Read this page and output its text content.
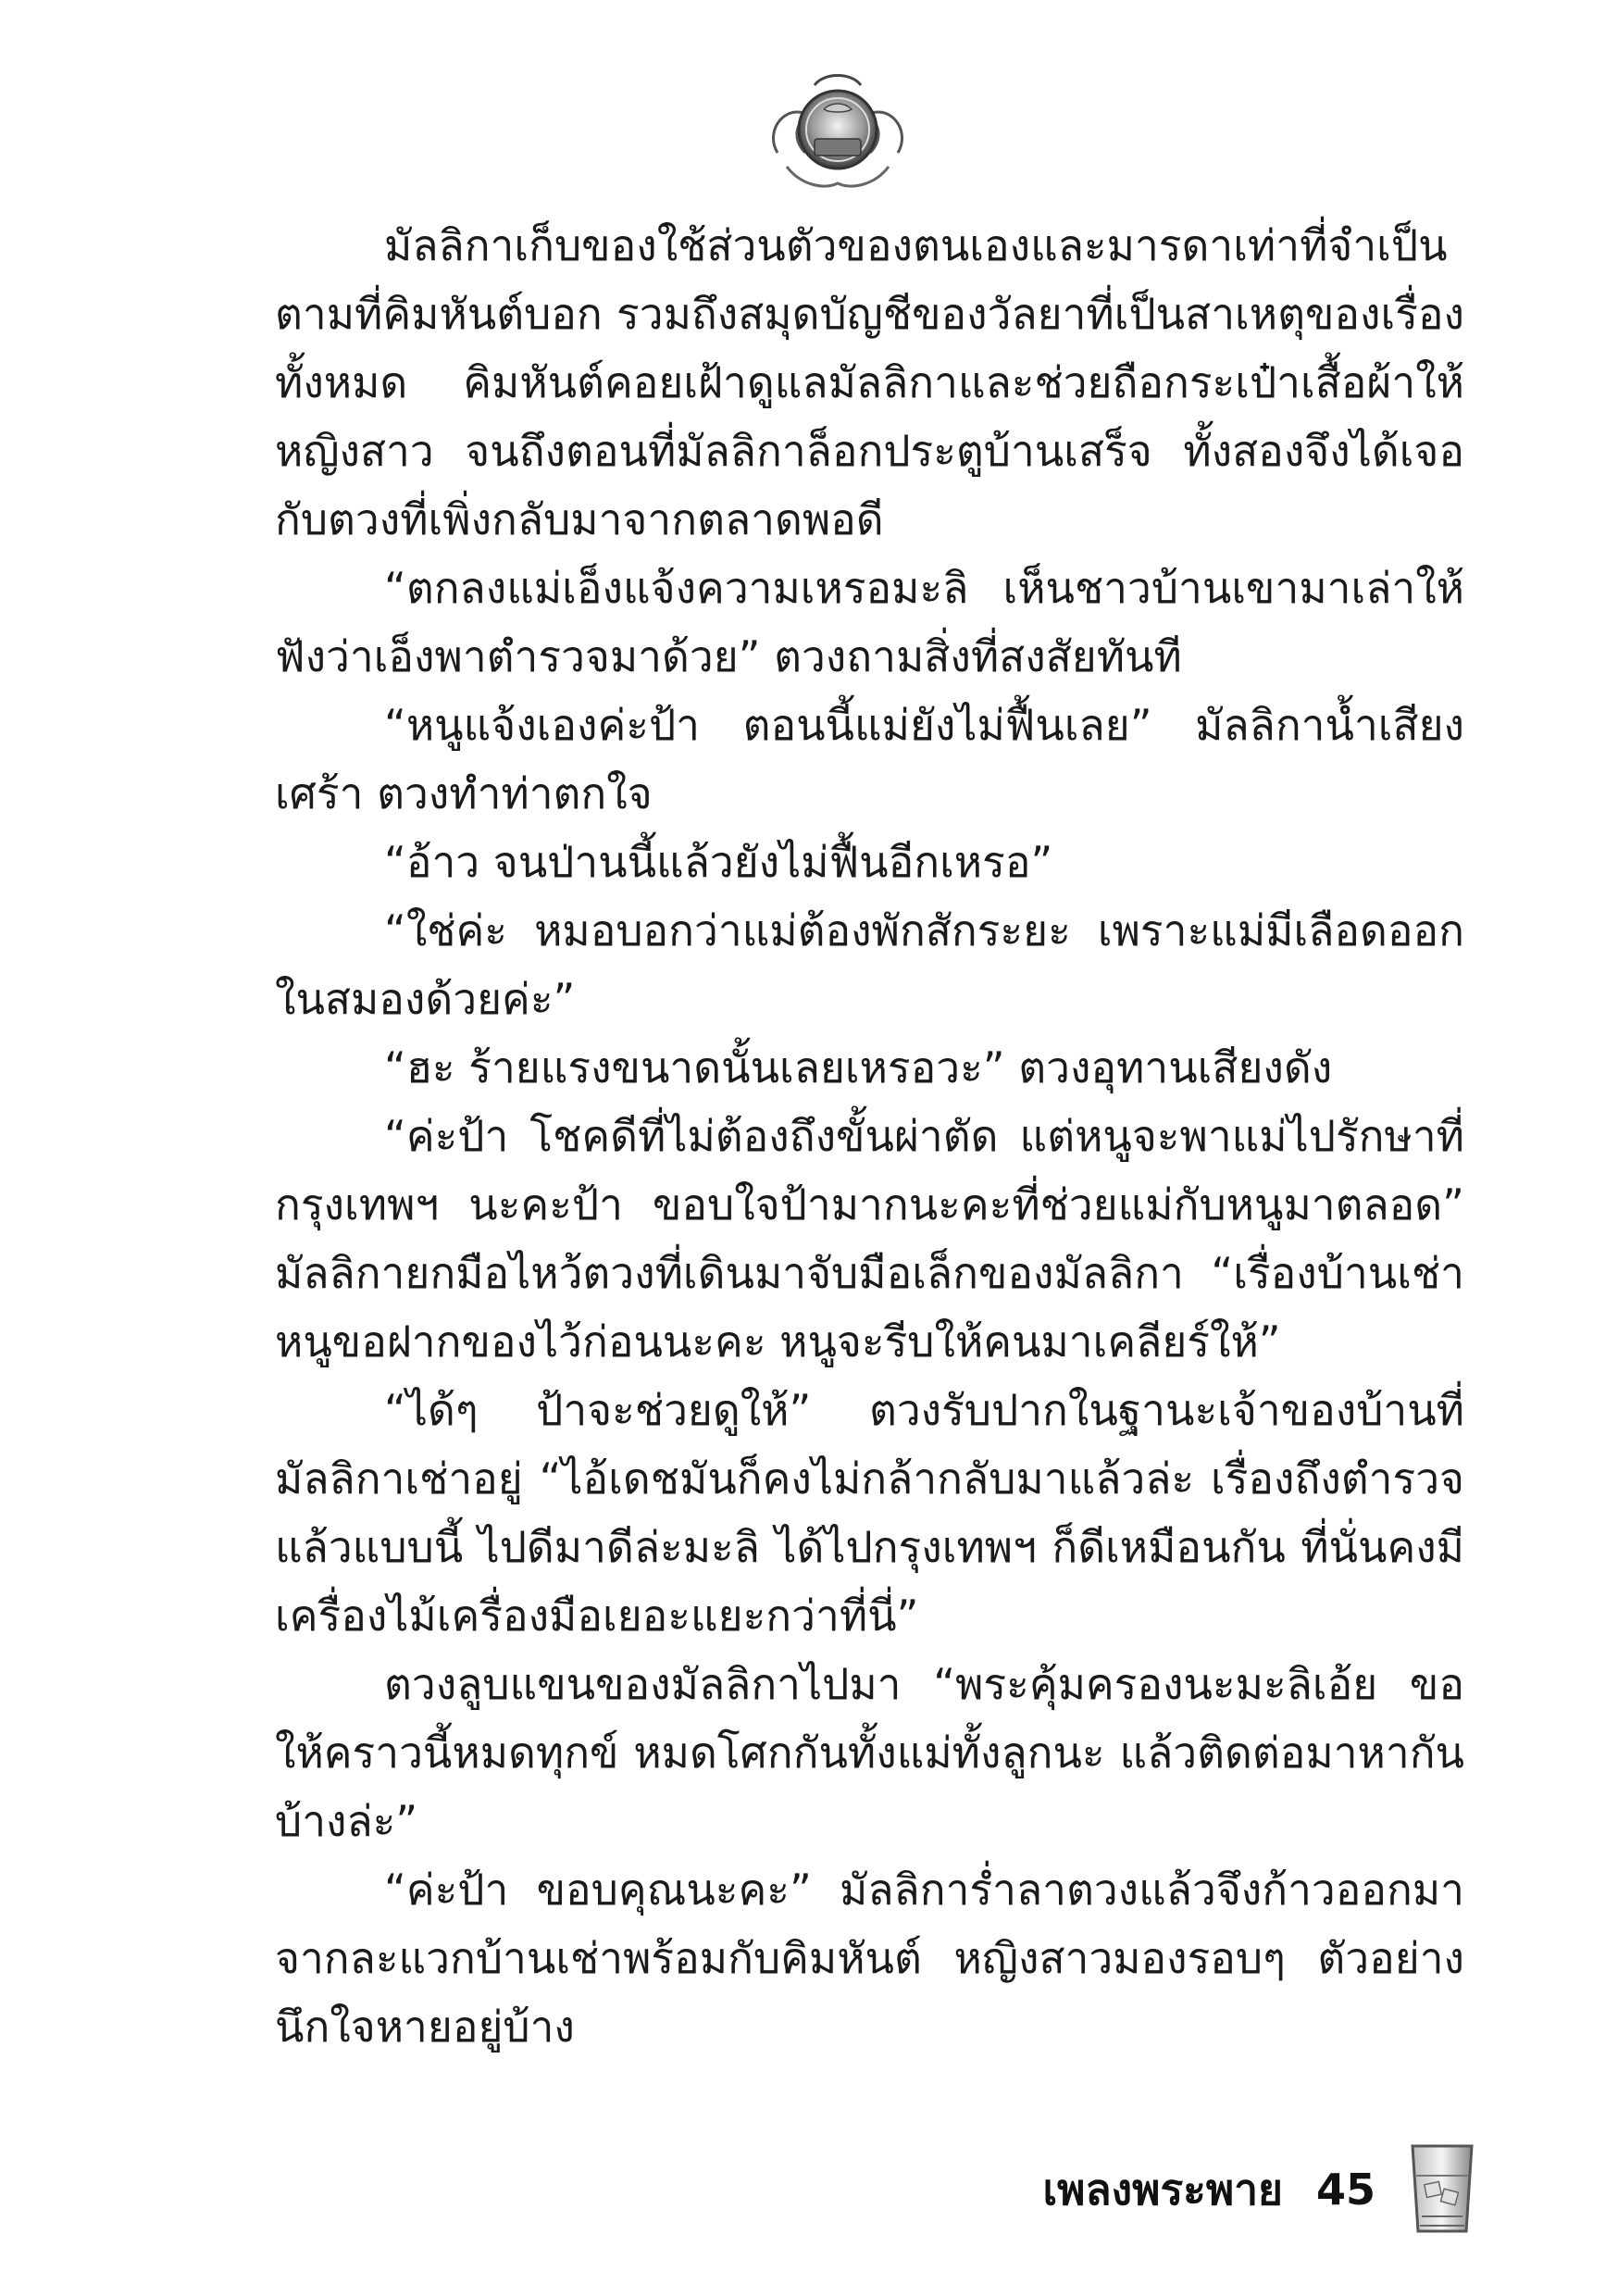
มัลลิกาเก็บของใช้ส่วนตัวของตนเองและมารดาเท่าที่จำเป็นตามที่คิมหันต์บอก รวมถึงสมุดบัญชีของวัลยาที่เป็นสาเหตุของเรื่องทั้งหมด คิมหันต์คอยเฝ้าดูแลมัลลิกาและช่วยถือกระเป๋าเสื้อผ้าให้หญิงสาว จนถึงตอนที่มัลลิกาล็อกประตูบ้านเสร็จ ทั้งสองจึงได้เจอกับตวงที่เพิ่งกลับมาจากตลาดพอดี

“ตกลงแม่เอ็งแจ้งความเหรอมะลิ เห็นชาวบ้านเขามาเล่าให้ฟังว่าเอ็งพาตำรวจมาด้วย” ตวงถามสิ่งที่สงสัยทันที

“หนูแจ้งเองค่ะป้า ตอนนี้แม่ยังไม่ฟื้นเลย” มัลลิกาน้ำเสียงเศร้า ตวงทำท่าตกใจ

“อ้าว จนป่านนี้แล้วยังไม่ฟื้นอีกเหรอ”

“ใช่ค่ะ หมอบอกว่าแม่ต้องพักสักระยะ เพราะแม่มีเลือดออกในสมองด้วยค่ะ”

“ฮะ ร้ายแรงขนาดนั้นเลยเหรอวะ” ตวงอุทานเสียงดัง

“ค่ะป้า โชคดีที่ไม่ต้องถึงขั้นผ่าตัด แต่หนูจะพาแม่ไปรักษาที่กรุงเทพฯ นะคะป้า ขอบใจป้ามากนะคะที่ช่วยแม่กับหนูมาตลอด” มัลลิกายกมือไหว้ตวงที่เดินมาจับมือเล็กของมัลลิกา “เรื่องบ้านเช่าหนูขอฝากของไว้ก่อนนะคะ หนูจะรีบให้คนมาเคลียร์ให้”

“ได้ๆ ป้าจะช่วยดูให้” ตวงรับปากในฐานะเจ้าของบ้านที่มัลลิกาเช่าอยู่ “ไอ้เดชมันก็คงไม่กล้ากลับมาแล้วล่ะ เรื่องถึงตำรวจแล้วแบบนี้ ไปดีมาดีล่ะมะลิ ได้ไปกรุงเทพฯ ก็ดีเหมือนกัน ที่นั่นคงมีเครื่องไม้เครื่องมือเยอะแยะกว่าที่นี่”

ตวงลูบแขนของมัลลิกาไปมา “พระคุ้มครองนะมะลิเอ้ย ขอให้คราวนี้หมดทุกข์ หมดโศกกันทั้งแม่ทั้งลูกนะ แล้วติดต่อมาหากันบ้างล่ะ”

“ค่ะป้า ขอบคุณนะคะ” มัลลิการ่ำลาตวงแล้วจึงก้าวออกมาจากละแวกบ้านเช่าพร้อมกับคิมหันต์ หญิงสาวมองรอบๆ ตัวอย่างนึกใจหายอยู่บ้าง

เพลงพระพาย 45
